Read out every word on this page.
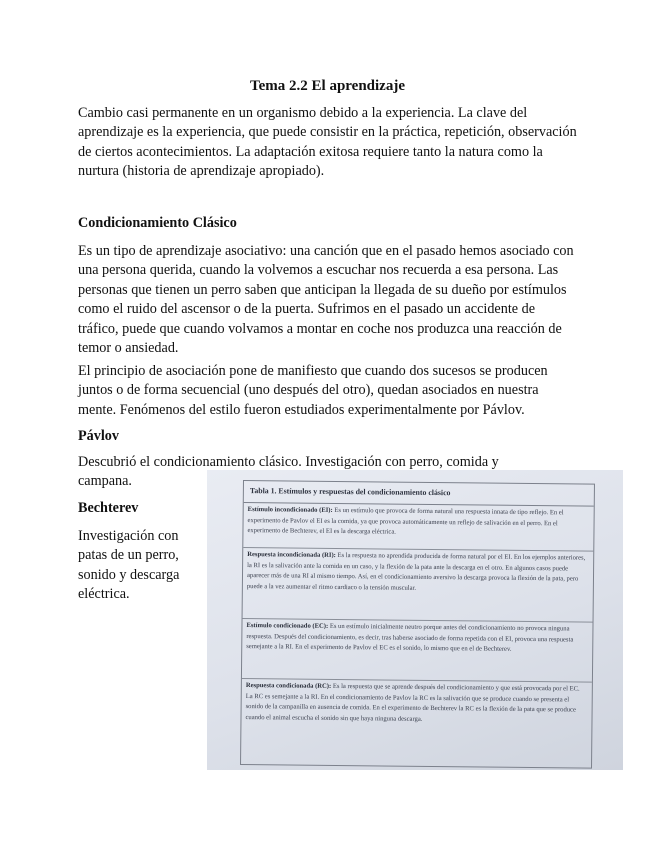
Tema 2.2 El aprendizaje

Cambio casi permanente en un organismo debido a la experiencia. La clave del aprendizaje es la experiencia, que puede consistir en la práctica, repetición, observación de ciertos acontecimientos. La adaptación exitosa requiere tanto la natura como la nurtura (historia de aprendizaje apropiado).

Condicionamiento Clásico

Es un tipo de aprendizaje asociativo: una canción que en el pasado hemos asociado con una persona querida, cuando la volvemos a escuchar nos recuerda a esa persona. Las personas que tienen un perro saben que anticipan la llegada de su dueño por estímulos como el ruido del ascensor o de la puerta. Sufrimos en el pasado un accidente de tráfico, puede que cuando volvamos a montar en coche nos produzca una reacción de temor o ansiedad.

El principio de asociación pone de manifiesto que cuando dos sucesos se producen juntos o de forma secuencial (uno después del otro), quedan asociados en nuestra mente. Fenómenos del estilo fueron estudiados experimentalmente por Pávlov.

Pávlov

Descubrió el condicionamiento clásico. Investigación con perro, comida y campana.

Bechterev

Investigación con patas de un perro, sonido y descarga eléctrica.

Tabla 1. Estímulos y respuestas del condicionamiento clásico
Estímulo incondicionado (EI): Es un estímulo que provoca de forma natural una respuesta innata de tipo reflejo. En el experimento de Pavlov el EI es la comida, ya que provoca automáticamente un reflejo de salivación en el perro. En el experimento de Bechterev, el EI es la descarga eléctrica.
Respuesta incondicionada (RI): Es la respuesta no aprendida producida de forma natural por el EI. En los ejemplos anteriores, la RI es la salivación ante la comida en un caso, y la flexión de la pata ante la descarga en el otro. En algunos casos puede aparecer más de una RI al mismo tiempo. Así, en el condicionamiento aversivo la descarga provoca la flexión de la pata, pero puede a la vez aumentar el ritmo cardiaco o la tensión muscular.
Estímulo condicionado (EC): Es un estímulo inicialmente neutro porque antes del condicionamiento no provoca ninguna respuesta. Después del condicionamiento, es decir, tras haberse asociado de forma repetida con el EI, provoca una respuesta semejante a la RI. En el experimento de Pavlov el EC es el sonido, lo mismo que en el de Bechterev.
Respuesta condicionada (RC): Es la respuesta que se aprende después del condicionamiento y que está provocada por el EC. La RC es semejante a la RI. En el condicionamiento de Pavlov la RC es la salivación que se produce cuando se presenta el sonido de la campanilla en ausencia de comida. En el experimento de Bechterev la RC es la flexión de la pata que se produce cuando el animal escucha el sonido sin que haya ninguna descarga.
